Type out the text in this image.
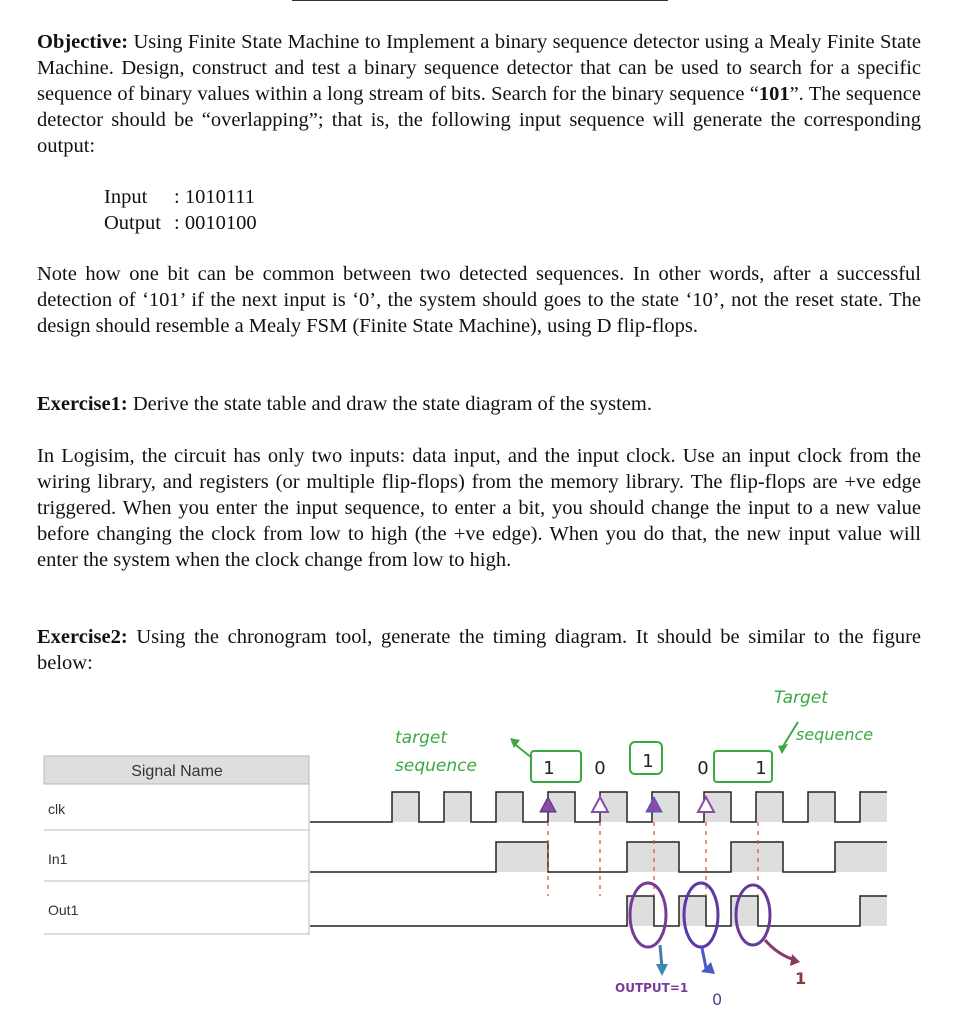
Objective: Using Finite State Machine to Implement a binary sequence detector using a Mealy Finite State Machine. Design, construct and test a binary sequence detector that can be used to search for a specific sequence of binary values within a long stream of bits. Search for the binary sequence “101”. The sequence detector should be “overlapping”; that is, the following input sequence will generate the corresponding output:

Input : 1010111
Output : 0010100

Note how one bit can be common between two detected sequences. In other words, after a successful detection of ‘101’ if the next input is ‘0’, the system should goes to the state ‘10’, not the reset state. The design should resemble a Mealy FSM (Finite State Machine), using D flip-flops.

Exercise1: Derive the state table and draw the state diagram of the system.

In Logisim, the circuit has only two inputs: data input, and the input clock. Use an input clock from the wiring library, and registers (or multiple flip-flops) from the memory library. The flip-flops are +ve edge triggered. When you enter the input sequence, to enter a bit, you should change the input to a new value before changing the clock from low to high (the +ve edge). When you do that, the new input value will enter the system when the clock change from low to high.

Exercise2: Using the chronogram tool, generate the timing diagram. It should be similar to the figure below:

Signal Name
clk
In1
Out1
target
sequence	1 0 1 0	1
Target
sequence
OUTPUT=1
0
1
